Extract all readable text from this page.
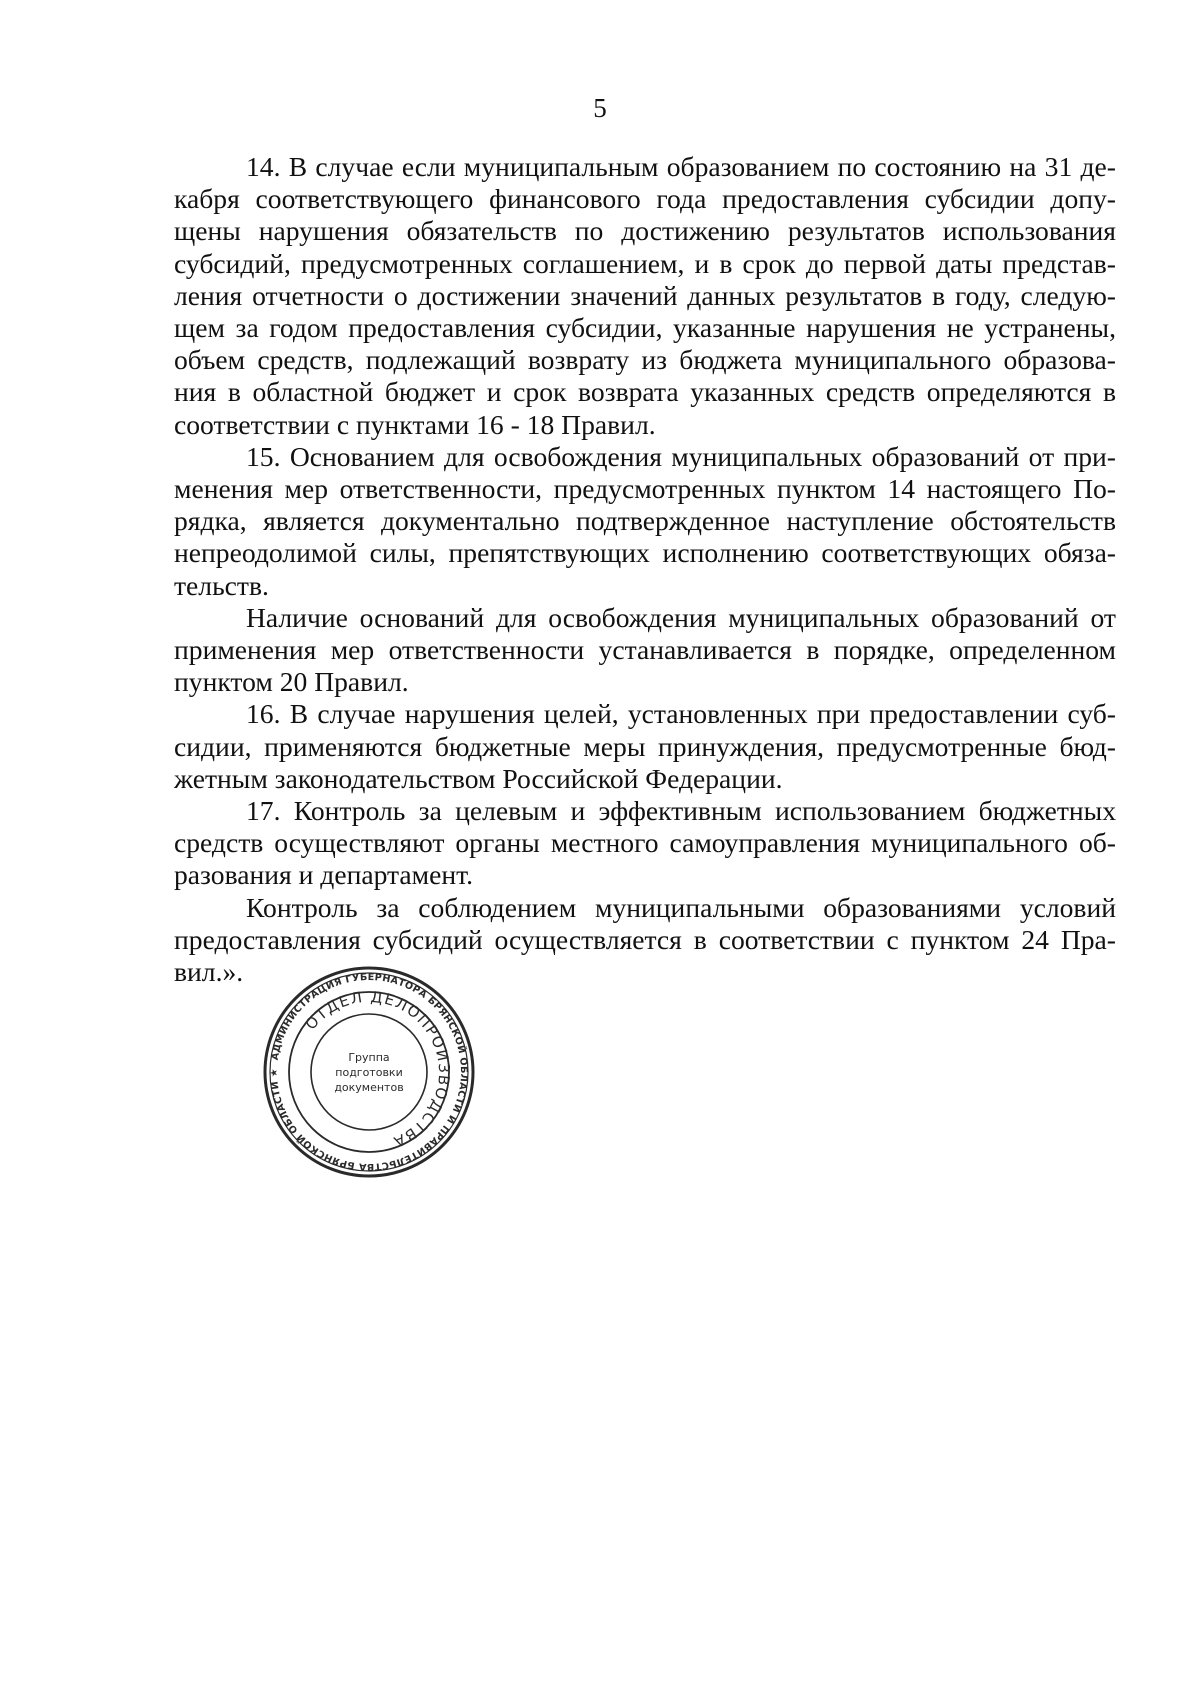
5
14. В случае если муниципальным образованием по состоянию на 31 де-
кабря соответствующего финансового года предоставления субсидии допу-
щены нарушения обязательств по достижению результатов использования
субсидий, предусмотренных соглашением, и в срок до первой даты представ-
ления отчетности о достижении значений данных результатов в году, следую-
щем за годом предоставления субсидии, указанные нарушения не устранены,
объем средств, подлежащий возврату из бюджета муниципального образова-
ния в областной бюджет и срок возврата указанных средств определяются в
соответствии с пунктами 16 - 18 Правил.
15. Основанием для освобождения муниципальных образований от при-
менения мер ответственности, предусмотренных пунктом 14 настоящего По-
рядка, является документально подтвержденное наступление обстоятельств
непреодолимой силы, препятствующих исполнению соответствующих обяза-
тельств.
Наличие оснований для освобождения муниципальных образований от
применения мер ответственности устанавливается в порядке, определенном
пунктом 20 Правил.
16. В случае нарушения целей, установленных при предоставлении суб-
сидии, применяются бюджетные меры принуждения, предусмотренные бюд-
жетным законодательством Российской Федерации.
17. Контроль за целевым и эффективным использованием бюджетных
средств осуществляют органы местного самоуправления муниципального об-
разования и департамент.
Контроль за соблюдением муниципальными образованиями условий
предоставления субсидий осуществляется в соответствии с пунктом 24 Пра-
вил.».
АДМИНИСТРАЦИЯ ГУБЕРНАТОРА БРЯНСКОЙ ОБЛАСТИ И ПРАВИТЕЛЬСТВА БРЯНСКОЙ ОБЛАСТИ ★
ОТДЕЛ ДЕЛОПРОИЗВОДСТВА
Группа
подготовки
документов
